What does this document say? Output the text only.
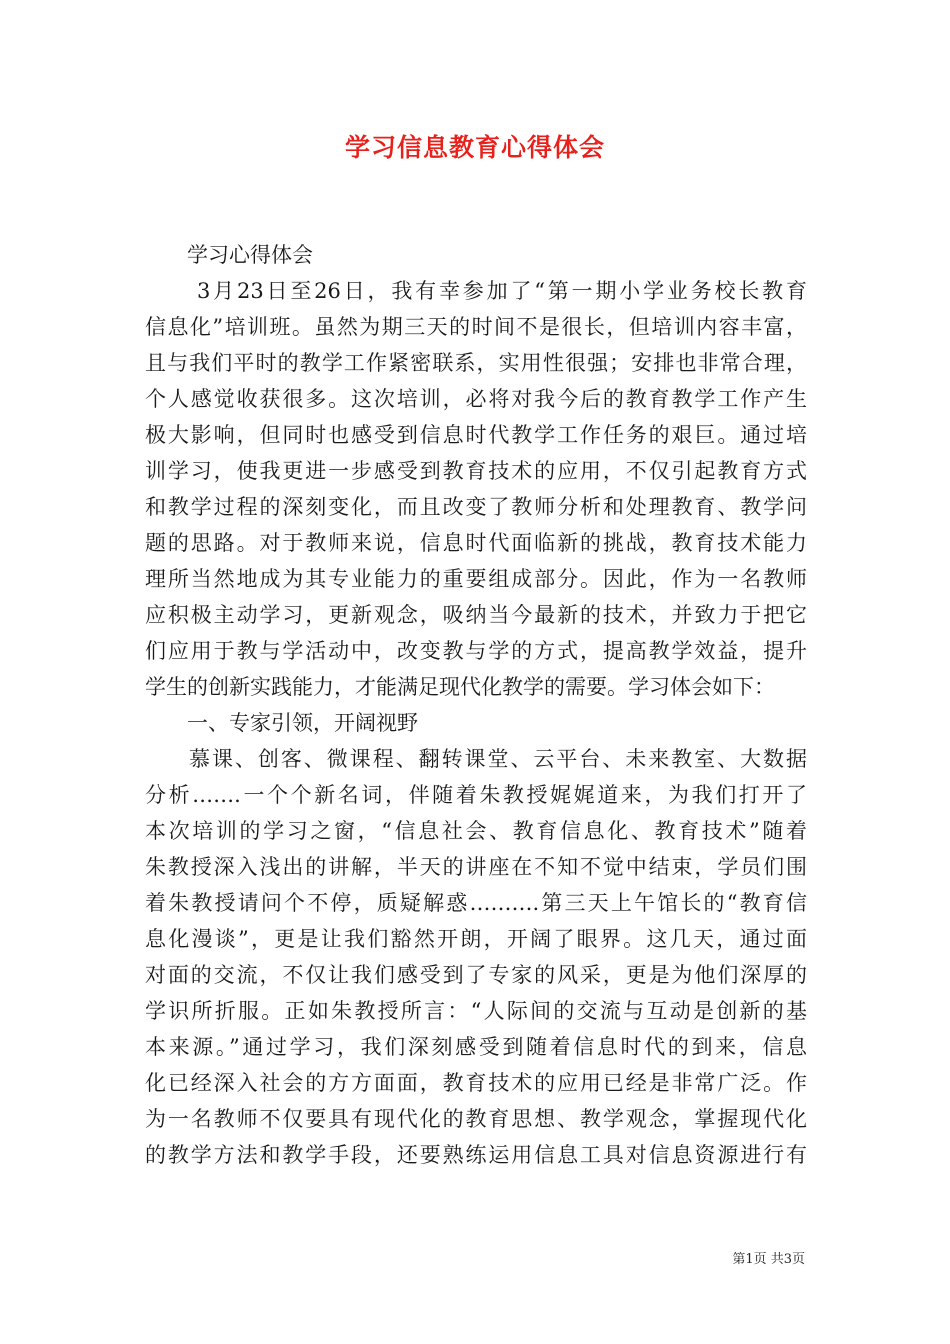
学习信息教育心得体会
学习心得体会
3月23日至26日，我有幸参加了“第一期小学业务校长教育
信息化”培训班。虽然为期三天的时间不是很长，但培训内容丰富，
且与我们平时的教学工作紧密联系，实用性很强；安排也非常合理，
个人感觉收获很多。这次培训，必将对我今后的教育教学工作产生
极大影响，但同时也感受到信息时代教学工作任务的艰巨。通过培
训学习，使我更进一步感受到教育技术的应用，不仅引起教育方式
和教学过程的深刻变化，而且改变了教师分析和处理教育、教学问
题的思路。对于教师来说，信息时代面临新的挑战，教育技术能力
理所当然地成为其专业能力的重要组成部分。因此，作为一名教师
应积极主动学习，更新观念，吸纳当今最新的技术，并致力于把它
们应用于教与学活动中，改变教与学的方式，提高教学效益，提升
学生的创新实践能力，才能满足现代化教学的需要。学习体会如下：
一、专家引领，开阔视野
慕课、创客、微课程、翻转课堂、云平台、未来教室、大数据
分析…….一个个新名词，伴随着朱教授娓娓道来，为我们打开了
本次培训的学习之窗，“信息社会、教育信息化、教育技术”随着
朱教授深入浅出的讲解，半天的讲座在不知不觉中结束，学员们围
着朱教授请问个不停，质疑解惑……….第三天上午馆长的“教育信
息化漫谈”，更是让我们豁然开朗，开阔了眼界。这几天，通过面
对面的交流，不仅让我们感受到了专家的风采，更是为他们深厚的
学识所折服。正如朱教授所言：“人际间的交流与互动是创新的基
本来源。”通过学习，我们深刻感受到随着信息时代的到来，信息
化已经深入社会的方方面面，教育技术的应用已经是非常广泛。作
为一名教师不仅要具有现代化的教育思想、教学观念，掌握现代化
的教学方法和教学手段，还要熟练运用信息工具对信息资源进行有
第1页 共3页
